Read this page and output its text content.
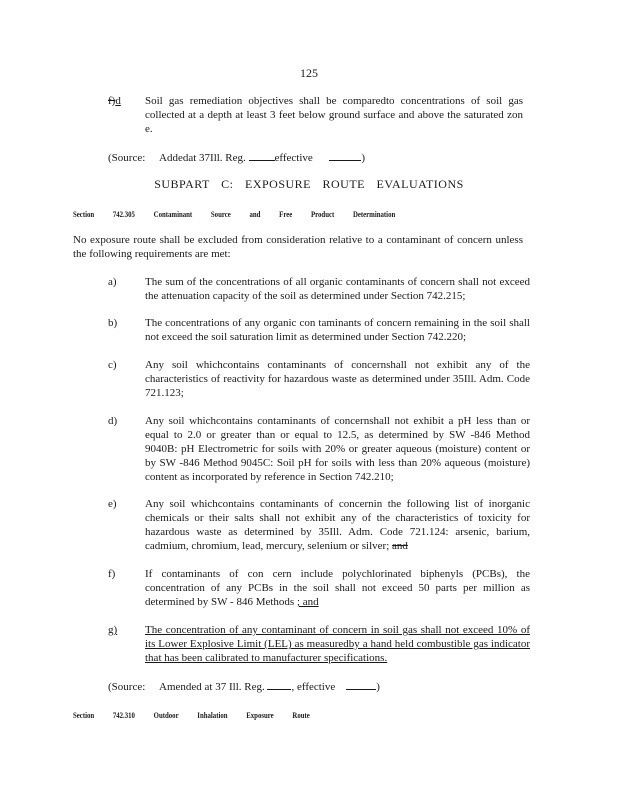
125
f)d	Soil gas remediation objectives shall be comparedto concentrations of soil gas collected at a depth at least 3 feet below ground surface and above the saturated zon e.
(Source: Addedat 37Ill. Reg.	effective	)
SUBPART C: EXPOSURE ROUTE EVALUATIONS
Section 742.305 Contaminant Source and Free Product Determination
No exposure route shall be excluded from consideration relative to a contaminant of concern unless the following requirements are met:
a)	The sum of the concentrations of all organic contaminants of concern shall not exceed the attenuation capacity of the soil as determined under Section 742.215;
b)	The concentrations of any organic con taminants of concern remaining in the soil shall not exceed the soil saturation limit as determined under Section 742.220;
c)	Any soil whichcontains contaminants of concernshall not exhibit any of the characteristics of reactivity for hazardous waste as determined under 35Ill. Adm. Code 721.123;
d)	Any soil whichcontains contaminants of concernshall not exhibit a pH less than or equal to 2.0 or greater than or equal to 12.5, as determined by SW -846 Method 9040B: pH Electrometric for soils with 20% or greater aqueous (moisture) content or by SW -846 Method 9045C: Soil pH for soils with less than 20% aqueous (moisture) content as incorporated by reference in Section 742.210;
e)	Any soil whichcontains contaminants of concernin the following list of inorganic chemicals or their salts shall not exhibit any of the characteristics of toxicity for hazardous waste as determined by 35Ill. Adm. Code 721.124: arsenic, barium, cadmium, chromium, lead, mercury, selenium or silver; and
f)	If contaminants of con cern include polychlorinated biphenyls (PCBs), the concentration of any PCBs in the soil shall not exceed 50 parts per million as determined by SW - 846 Methods ; and
g)	The concentration of any contaminant of concern in soil gas shall not exceed 10% of its Lower Explosive Limit (LEL) as measuredby a hand held combustible gas indicator that has been calibrated to manufacturer specifications.
(Source: Amended at 37 Ill. Reg. , effective	)
Section 742.310 Outdoor Inhalation Exposure Route
